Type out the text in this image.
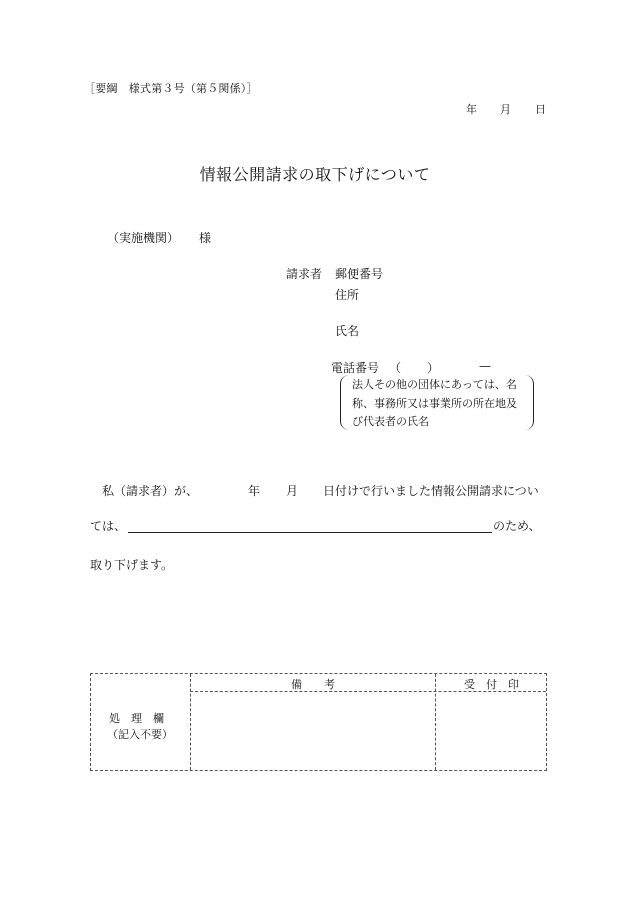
［要綱　様式第３号（第５関係）］
年 月 日
情報公開請求の取下げについて
（実施機関） 様
請求者 郵便番号
住所
氏名
電話番号 （ ）	—
法人その他の団体にあっては、名
称、事務所又は事業所の所在地及
び代表者の氏名
私（請求者）が、	年 月 日付けで行いました情報公開請求につい
ては、	のため、
取り下げます。
処　理　欄
（記入不要）
備　　考	受　付　印
